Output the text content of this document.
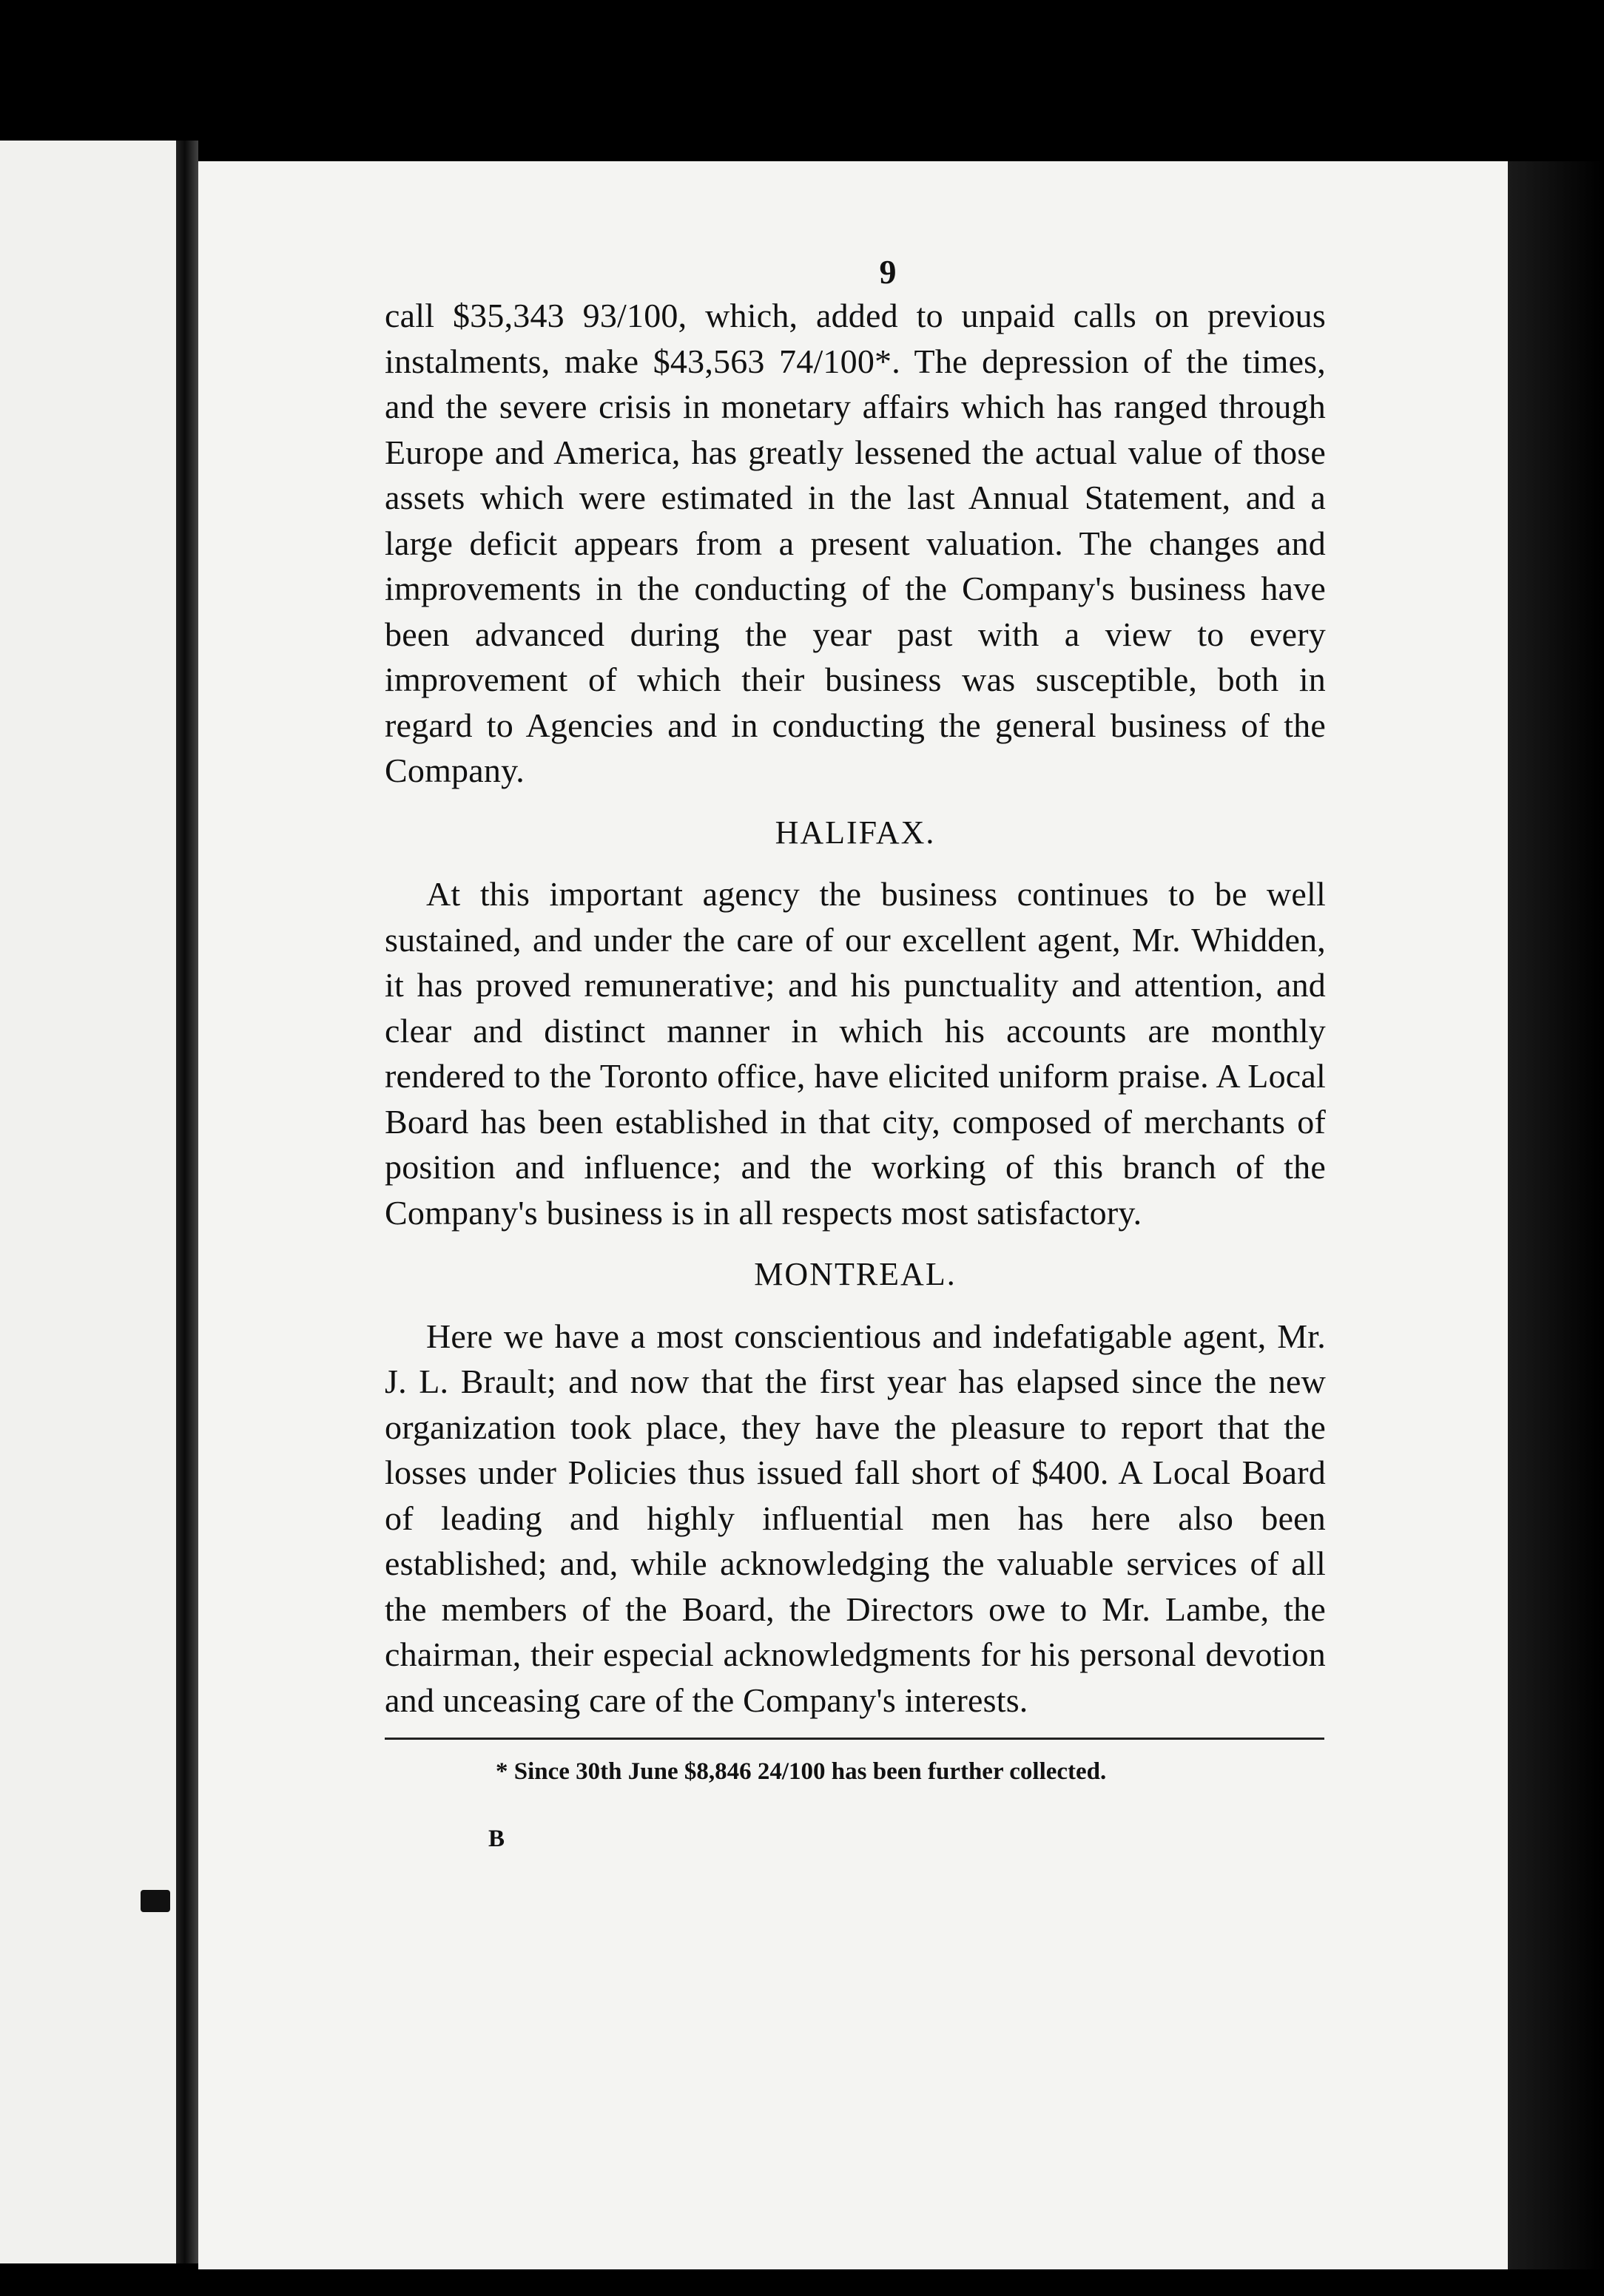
9

call $35,343 93/100, which, added to unpaid calls on previous instalments, make $43,563 74/100*. The depression of the times, and the severe crisis in monetary affairs which has ranged through Europe and America, has greatly lessened the actual value of those assets which were estimated in the last Annual Statement, and a large deficit appears from a present valuation. The changes and improvements in the conducting of the Company's business have been advanced during the year past with a view to every improvement of which their business was susceptible, both in regard to Agencies and in conducting the general business of the Company.

HALIFAX.

At this important agency the business continues to be well sustained, and under the care of our excellent agent, Mr. Whidden, it has proved remunerative; and his punctuality and attention, and clear and distinct manner in which his accounts are monthly rendered to the Toronto office, have elicited uniform praise. A Local Board has been established in that city, composed of merchants of position and influence; and the working of this branch of the Company's business is in all respects most satisfactory.

MONTREAL.

Here we have a most conscientious and indefatigable agent, Mr. J. L. Brault; and now that the first year has elapsed since the new organization took place, they have the pleasure to report that the losses under Policies thus issued fall short of $400. A Local Board of leading and highly influential men has here also been established; and, while acknowledging the valuable services of all the members of the Board, the Directors owe to Mr. Lambe, the chairman, their especial acknowledgments for his personal devotion and unceasing care of the Company's interests.

* Since 30th June $8,846 24/100 has been further collected.
B
